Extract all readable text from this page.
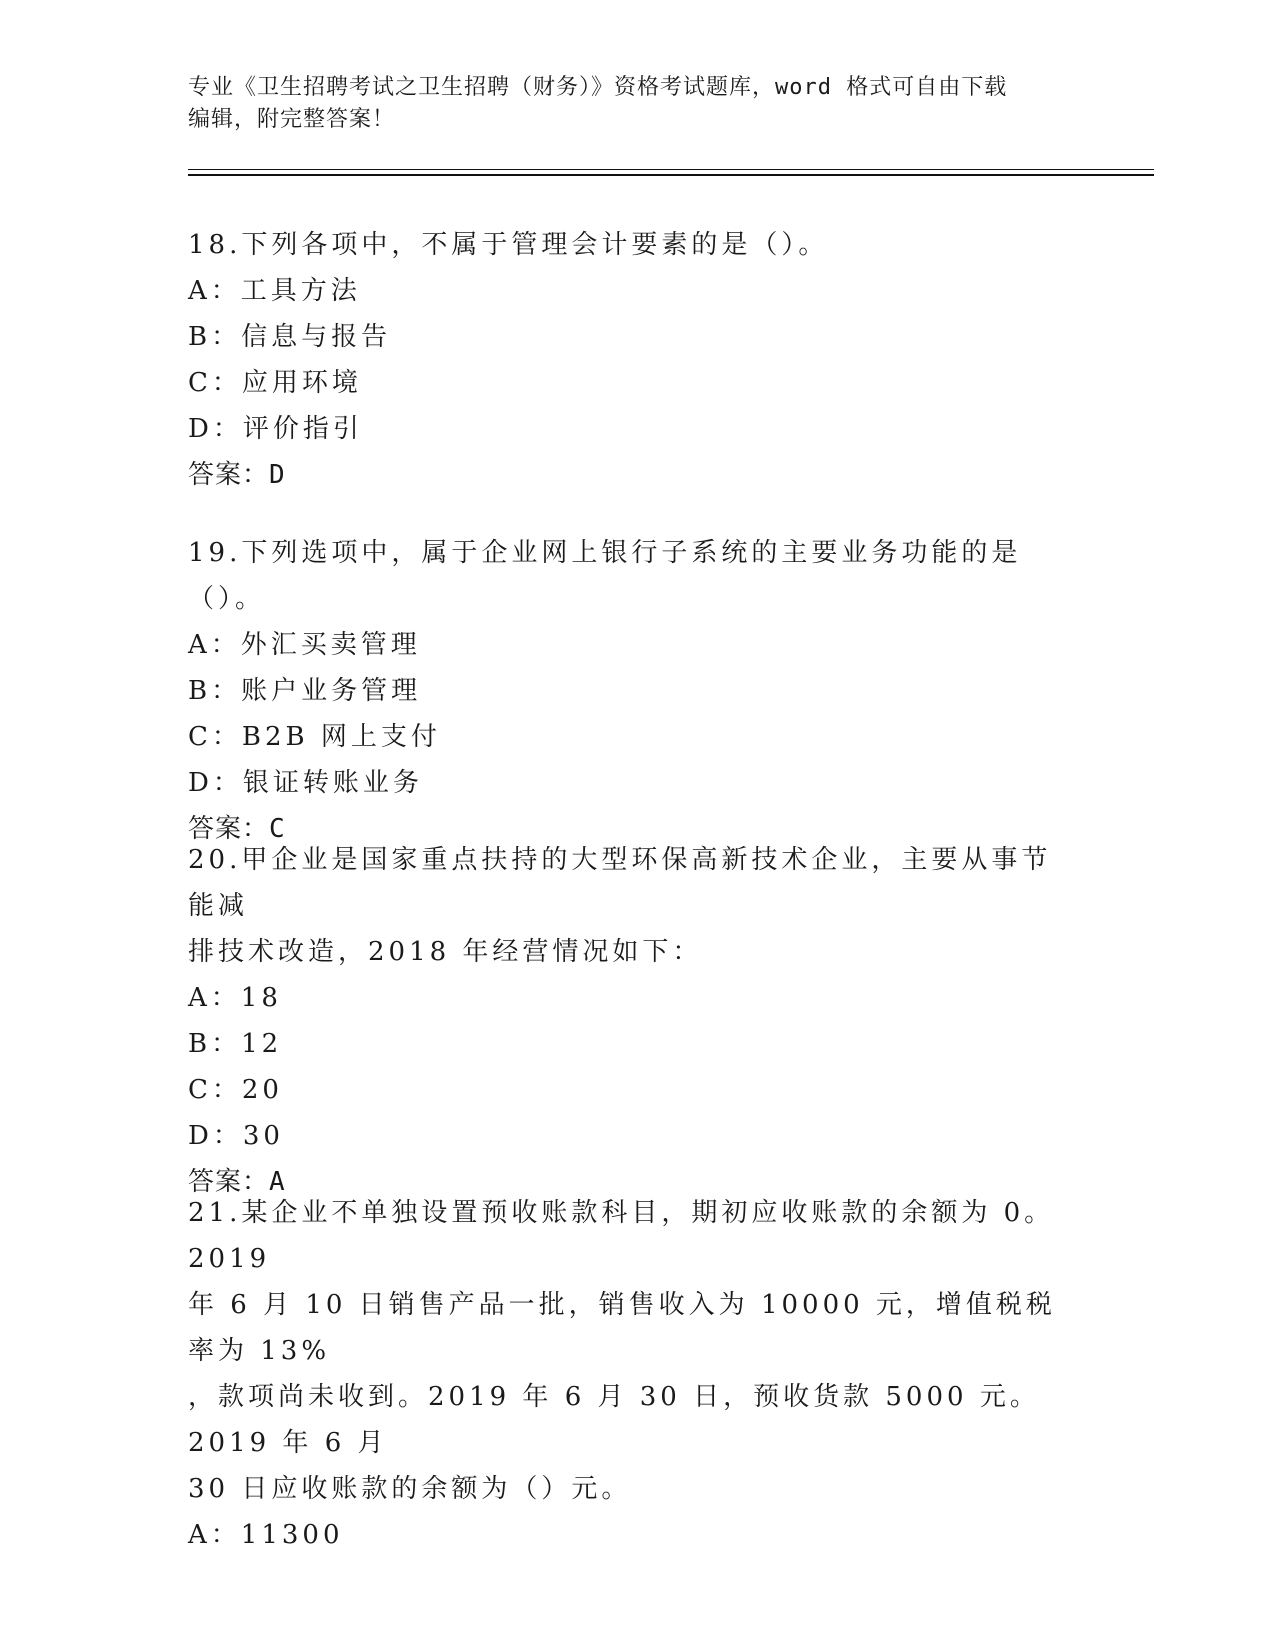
专业《卫生招聘考试之卫生招聘（财务）》资格考试题库，word 格式可自由下载
编辑，附完整答案！

18.下列各项中，不属于管理会计要素的是（）。

A：工具方法

B：信息与报告

C：应用环境

D：评价指引

答案：D

19.下列选项中，属于企业网上银行子系统的主要业务功能的是（）。

A：外汇买卖管理

B：账户业务管理

C：B2B 网上支付

D：银证转账业务

答案：C

20.甲企业是国家重点扶持的大型环保高新技术企业，主要从事节能减

排技术改造，2018 年经营情况如下：

A：18

B：12

C：20

D：30

答案：A

21.某企业不单独设置预收账款科目，期初应收账款的余额为 0。2019

年 6 月 10 日销售产品一批，销售收入为 10000 元，增值税税率为 13%

，款项尚未收到。2019 年 6 月 30 日，预收货款 5000 元。2019 年 6 月

30 日应收账款的余额为（）元。

A：11300
